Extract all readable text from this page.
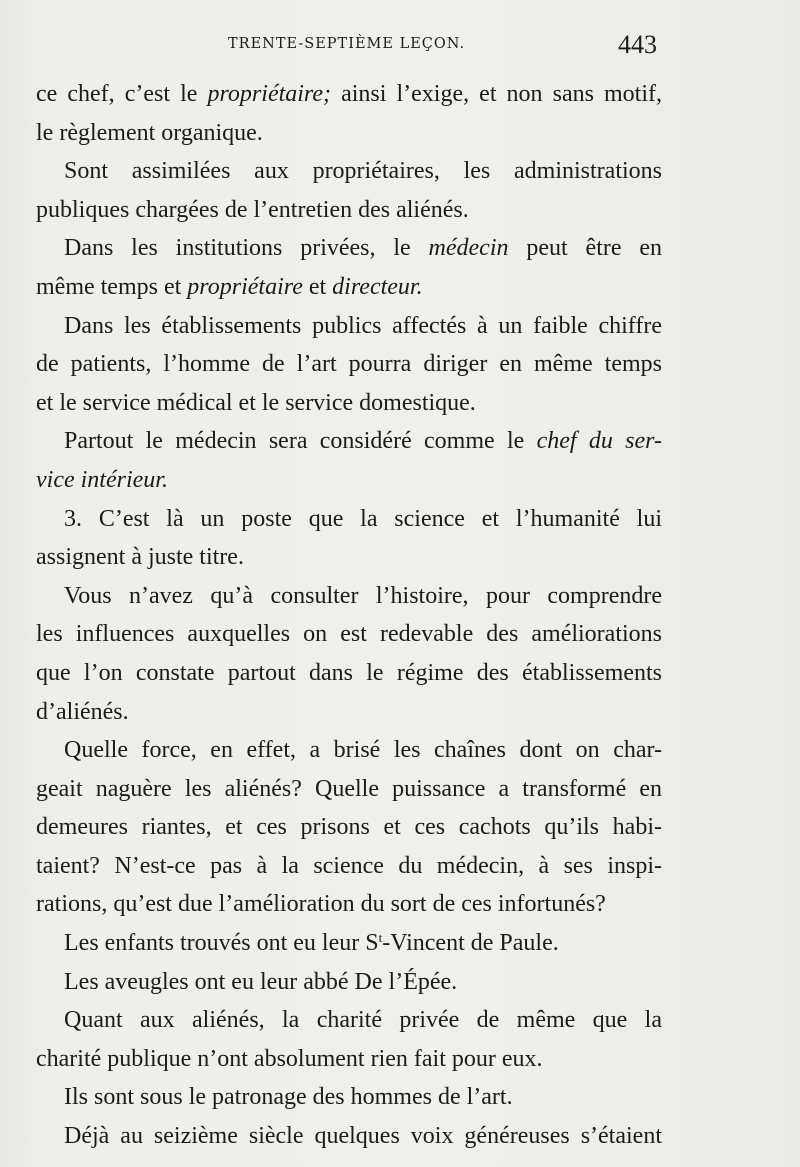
TRENTE-SEPTIÈME LEÇON.	443
ce chef, c’est le propriétaire; ainsi l’exige, et non sans motif,
le règlement organique.
Sont assimilées aux propriétaires, les administrations
publiques chargées de l’entretien des aliénés.
Dans les institutions privées, le médecin peut être en
même temps et propriétaire et directeur.
Dans les établissements publics affectés à un faible chiffre
de patients, l’homme de l’art pourra diriger en même temps
et le service médical et le service domestique.
Partout le médecin sera considéré comme le chef du ser-
vice intérieur.
3. C’est là un poste que la science et l’humanité lui
assignent à juste titre.
Vous n’avez qu’à consulter l’histoire, pour comprendre
les influences auxquelles on est redevable des améliorations
que l’on constate partout dans le régime des établissements
d’aliénés.
Quelle force, en effet, a brisé les chaînes dont on char-
geait naguère les aliénés? Quelle puissance a transformé en
demeures riantes, et ces prisons et ces cachots qu’ils habi-
taient? N’est-ce pas à la science du médecin, à ses inspi-
rations, qu’est due l’amélioration du sort de ces infortunés?
Les enfants trouvés ont eu leur $S^t$-Vincent de Paule.
Les aveugles ont eu leur abbé De l’Épée.
Quant aux aliénés, la charité privée de même que la
charité publique n’ont absolument rien fait pour eux.
Ils sont sous le patronage des hommes de l’art.
Déjà au seizième siècle quelques voix généreuses s’étaient
